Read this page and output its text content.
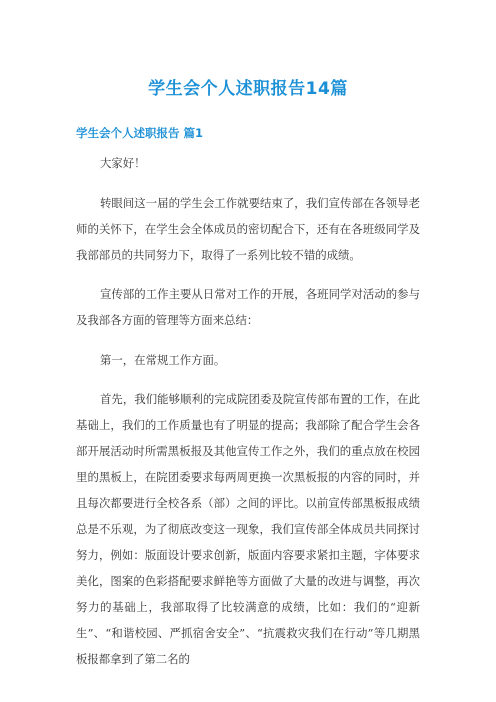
学生会个人述职报告14篇
学生会个人述职报告 篇1

大家好！

转眼间这一届的学生会工作就要结束了，我们宣传部在各领导老师的关怀下，在学生会全体成员的密切配合下，还有在各班级同学及我部部员的共同努力下，取得了一系列比较不错的成绩。

宣传部的工作主要从日常对工作的开展，各班同学对活动的参与及我部各方面的管理等方面来总结：

第一，在常规工作方面。

首先，我们能够顺利的完成院团委及院宣传部布置的工作，在此基础上，我们的工作质量也有了明显的提高；我部除了配合学生会各部开展活动时所需黑板报及其他宣传工作之外，我们的重点放在校园里的黑板上，在院团委要求每两周更换一次黑板报的内容的同时，并且每次都要进行全校各系（部）之间的评比。以前宣传部黑板报成绩总是不乐观，为了彻底改变这一现象，我们宣传部全体成员共同探讨努力，例如：版面设计要求创新，版面内容要求紧扣主题，字体要求美化，图案的色彩搭配要求鲜艳等方面做了大量的改进与调整，再次努力的基础上，我部取得了比较满意的成绩，比如：我们的“迎新生”、“和谐校园、严抓宿舍安全”、“抗震救灾我们在行动”等几期黑板报都拿到了第二名的
